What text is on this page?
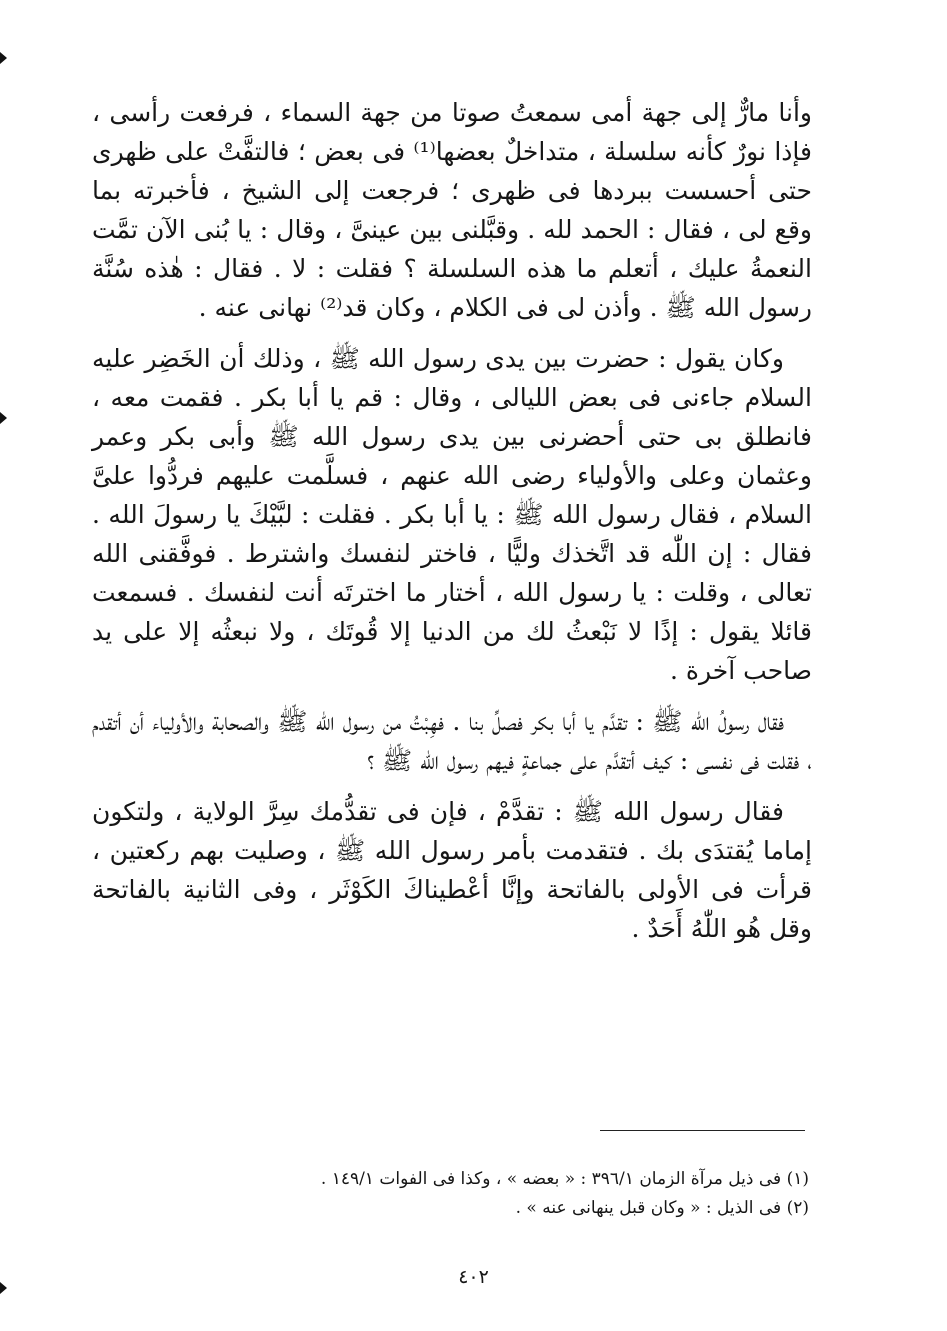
وأنا مارٌّ إلى جهة أمى سمعتُ صوتا من جهة السماء ، فرفعت رأسى ، فإذا نورٌ كأنه سلسلة ، متداخلٌ بعضها⁽¹⁾ فى بعض ؛ فالتفَّتْ على ظهرى حتى أحسست ببردها فى ظهرى ؛ فرجعت إلى الشيخ ، فأخبرته بما وقع لى ، فقال : الحمد لله . وقبَّلنى بين عينىَّ ، وقال : يا بُنى الآن تمَّت النعمةُ عليك ، أتعلم ما هذه السلسلة ؟ فقلت : لا . فقال : هٰذه سُنَّة رسول الله ﷺ . وأذن لى فى الكلام ، وكان قد⁽²⁾ نهانى عنه .

وكان يقول : حضرت بين يدى رسول الله ﷺ ، وذلك أن الخَضِر عليه السلام جاءنى فى بعض الليالى ، وقال : قم يا أبا بكر . فقمت معه ، فانطلق بى حتى أحضرنى بين يدى رسول الله ﷺ وأبى بكر وعمر وعثمان وعلى والأولياء رضى الله عنهم ، فسلَّمت عليهم فردُّوا علىَّ السلام ، فقال رسول الله ﷺ : يا أبا بكر . فقلت : لبَّيْكَ يا رسولَ الله . فقال : إن اللّٰه قد اتَّخذك وليًّا ، فاختر لنفسك واشترط . فوفَّقنى الله تعالى ، وقلت : يا رسول الله ، أختار ما اخترتَه أنت لنفسك . فسمعت قائلا يقول : إذًا لا نَبْعثُ لك من الدنيا إلا قُوتَك ، ولا نبعثُه إلا على يد صاحب آخرة .

فقال رسولُ الله ﷺ : تقدَّم يا أبا بكر فصلِّ بنا . فهِبْتُ من رسول الله ﷺ والصحابة والأولياء أن أتقدم ، فقلت فى نفسى : كيف أتقدَّم على جماعةٍ فيهم رسول الله ﷺ ؟

فقال رسول الله ﷺ : تقدَّمْ ، فإن فى تقدُّمك سِرَّ الولاية ، ولتكون إماما يُقتدَى بك . فتقدمت بأمر رسول الله ﷺ ، وصليت بهم ركعتين ، قرأت فى الأولى بالفاتحة وإنَّا أعْطيناكَ الكَوْثَر ، وفى الثانية بالفاتحة وقل هُو اللّٰهُ أَحَدٌ .

(١) فى ذيل مرآة الزمان ٣٩٦/١ : « بعضه » ، وكذا فى الفوات ١٤٩/١ .

(٢) فى الذيل : « وكان قبل ينهانى عنه » .

٤٠٢
